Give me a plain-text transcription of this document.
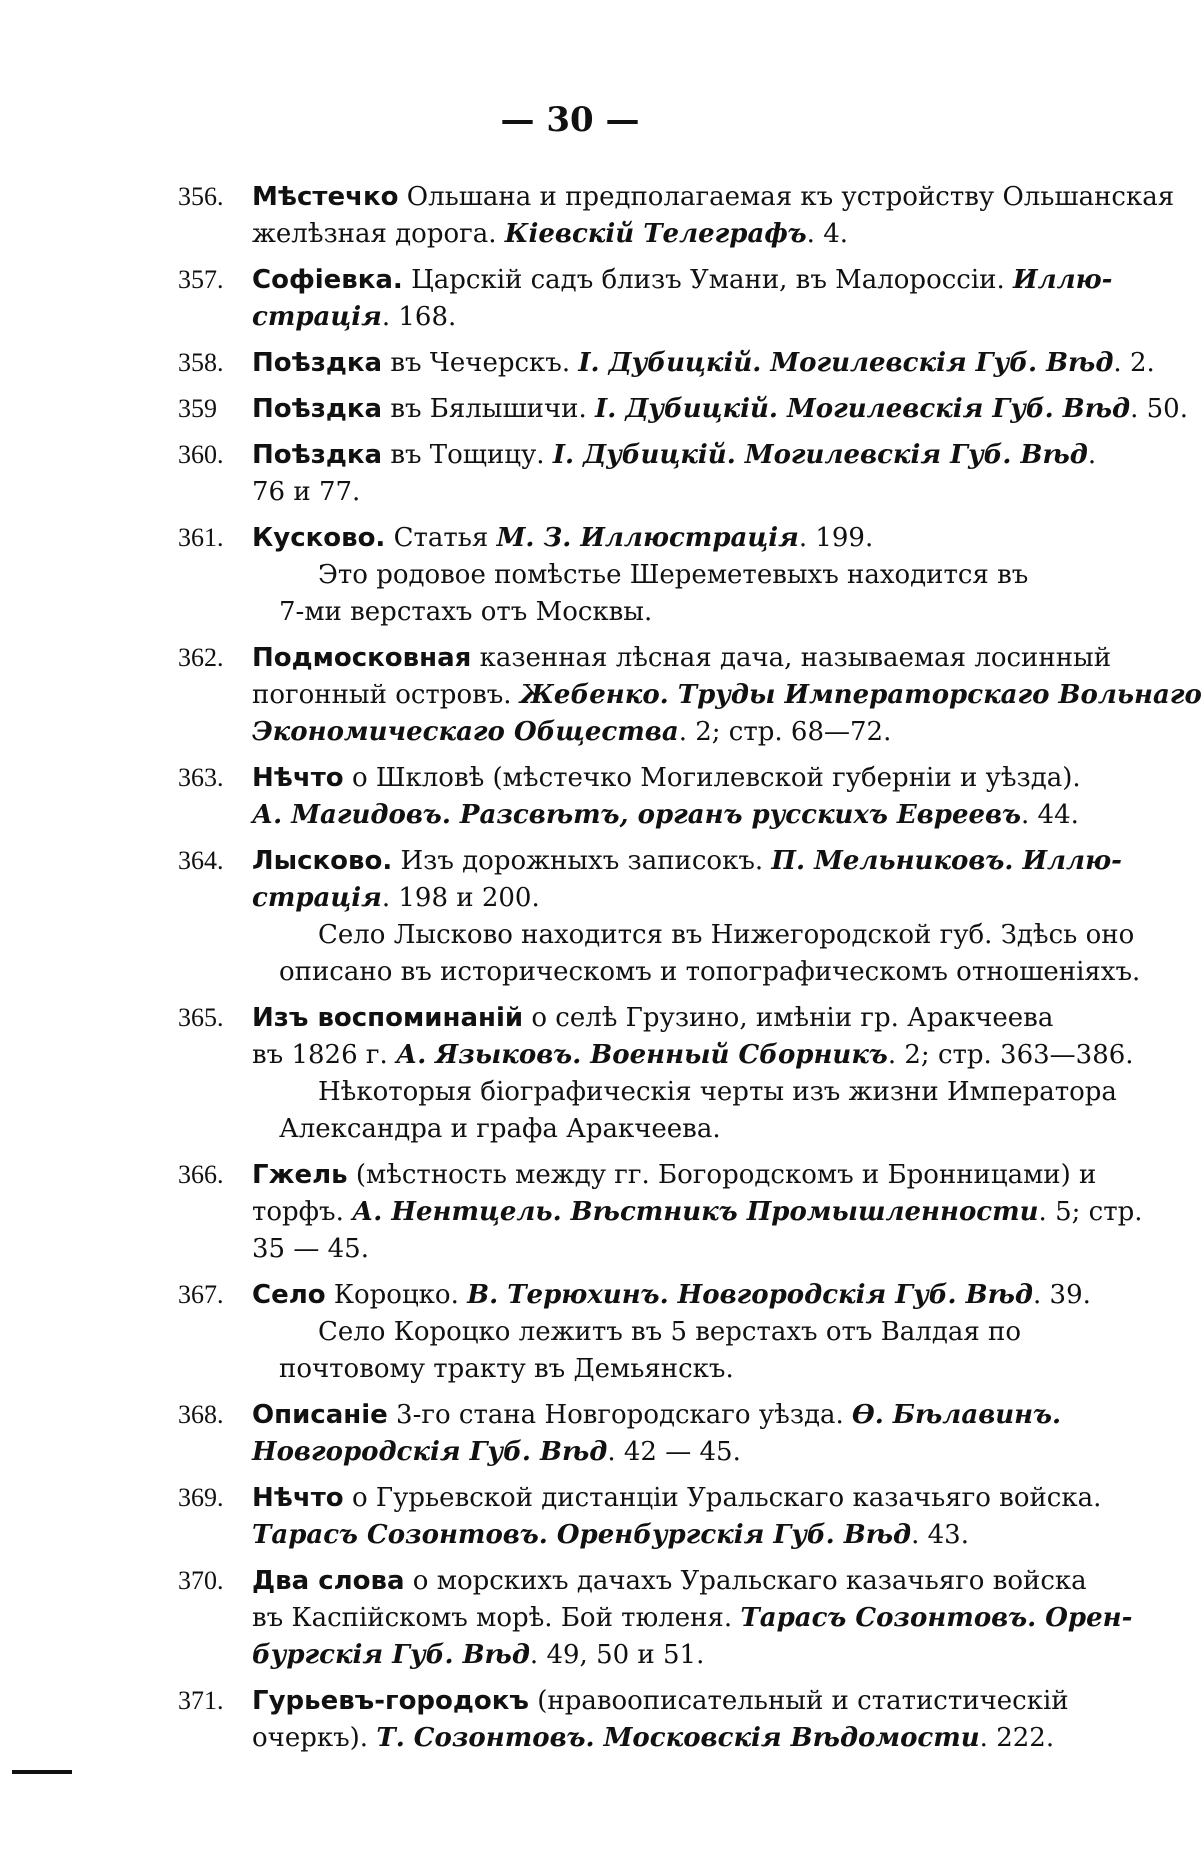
— 30 —
356. Мѣстечко Ольшана и предполагаемая къ устройству Ольшанская
желѣзная дорога. Кіевскій Телеграфъ. 4.
357. Софіевка. Царскій садъ близъ Умани, въ Малороссіи. Иллю-
страція. 168.
358. Поѣздка въ Чечерскъ. І. Дубицкій. Могилевскія Губ. Вѣд. 2.
359 Поѣздка въ Бялышичи. І. Дубицкій. Могилевскія Губ. Вѣд. 50.
360. Поѣздка въ Тощицу. І. Дубицкій. Могилевскія Губ. Вѣд.
76 и 77.
361. Кусково. Статья М. З. Иллюстрація. 199.
Это родовое помѣстье Шереметевыхъ находится въ
7-ми верстахъ отъ Москвы.
362. Подмосковная казенная лѣсная дача, называемая лосинный
погонный островъ. Жебенко. Труды Императорскаго Вольнаго
Экономическаго Общества. 2; стр. 68—72.
363. Нѣчто о Шкловѣ (мѣстечко Могилевской губерніи и уѣзда).
А. Магидовъ. Разсвѣтъ, органъ русскихъ Евреевъ. 44.
364. Лысково. Изъ дорожныхъ записокъ. П. Мельниковъ. Иллю-
страція. 198 и 200.
Село Лысково находится въ Нижегородской губ. Здѣсь оно
описано въ историческомъ и топографическомъ отношеніяхъ.
365. Изъ воспоминаній о селѣ Грузино, имѣніи гр. Аракчеева
въ 1826 г. А. Языковъ. Военный Сборникъ. 2; стр. 363—386.
Нѣкоторыя біографическія черты изъ жизни Императора
Александра и графа Аракчеева.
366. Гжель (мѣстность между гг. Богородскомъ и Бронницами) и
торфъ. А. Нентцель. Вѣстникъ Промышленности. 5; стр.
35 — 45.
367. Село Короцко. В. Терюхинъ. Новгородскія Губ. Вѣд. 39.
Село Короцко лежитъ въ 5 верстахъ отъ Валдая по
почтовому тракту въ Демьянскъ.
368. Описаніе 3-го стана Новгородскаго уѣзда. Ѳ. Бѣлавинъ.
Новгородскія Губ. Вѣд. 42 — 45.
369. Нѣчто о Гурьевской дистанціи Уральскаго казачьяго войска.
Тарасъ Созонтовъ. Оренбургскія Губ. Вѣд. 43.
370. Два слова о морскихъ дачахъ Уральскаго казачьяго войска
въ Каспійскомъ морѣ. Бой тюленя. Тарасъ Созонтовъ. Орен-
бургскія Губ. Вѣд. 49, 50 и 51.
371. Гурьевъ-городокъ (нравоописательный и статистическій
очеркъ). Т. Созонтовъ. Московскія Вѣдомости. 222.
